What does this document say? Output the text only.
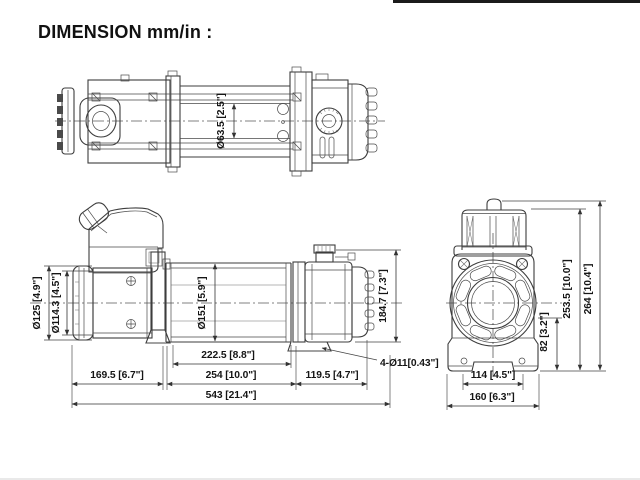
DIMENSION mm/in :
Ø63.5 [2.5"]
Ø125 [4.9"] Ø114.3 [4.5"]	Ø151 [5.9"]	184.7 [7.3"]
4-Ø11[0.43"]
222.5 [8.8"]
169.5 [6.7"]	254 [10.0"]	119.5 [4.7"]
543 [21.4"]
82 [3.2"]
253.5 [10.0"] 264 [10.4"]
114 [4.5"]
160 [6.3"]
